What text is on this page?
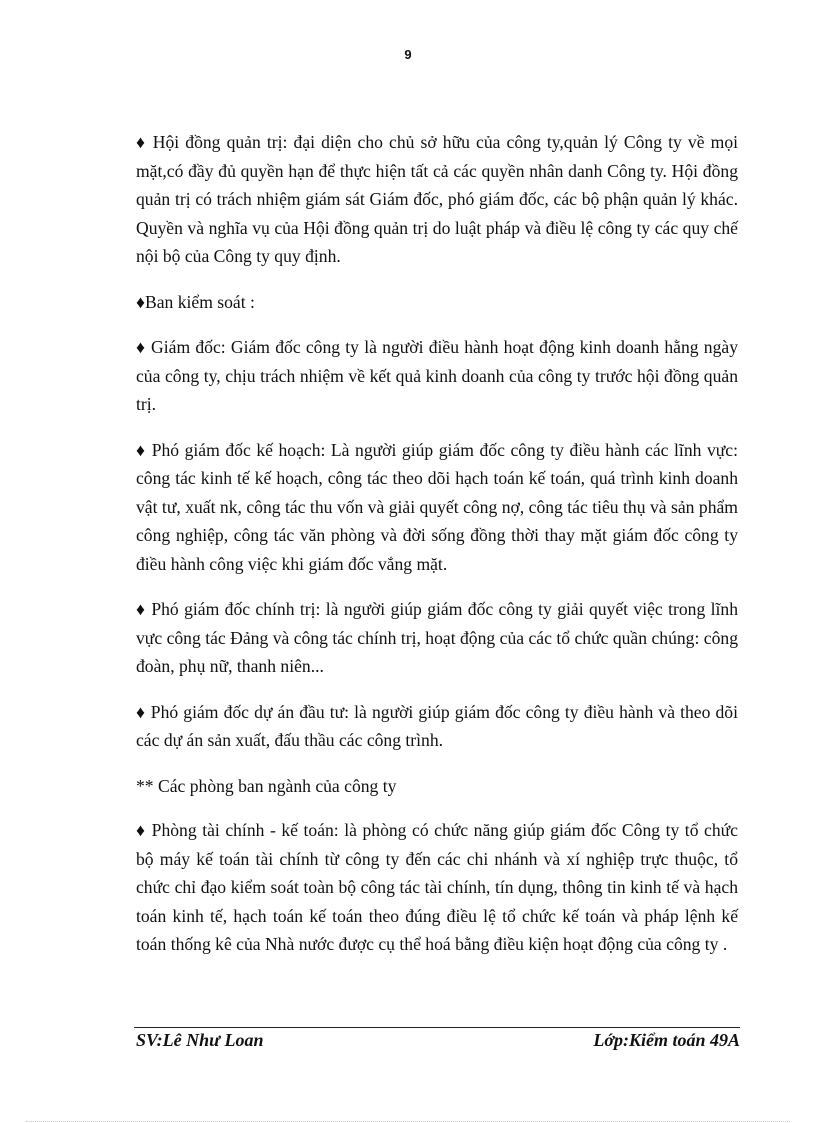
9

♦ Hội đồng quản trị: đại diện cho chủ sở hữu của công ty,quản lý Công ty về mọi mặt,có đầy đủ quyền hạn để thực hiện tất cả các quyền nhân danh Công ty. Hội đồng quản trị có trách nhiệm giám sát Giám đốc, phó giám đốc, các bộ phận quản lý khác. Quyền và nghĩa vụ của Hội đồng quản trị do luật pháp và điều lệ công ty các quy chế nội bộ của Công ty quy định.

♦Ban kiểm soát :

♦ Giám đốc: Giám đốc công ty là người điều hành hoạt động kinh doanh hằng ngày của công ty, chịu trách nhiệm về kết quả kinh doanh của công ty trước hội đồng quản trị.

♦ Phó giám đốc kế hoạch: Là người giúp giám đốc công ty điều hành các lĩnh vực: công tác kinh tế kế hoạch, công tác theo dõi hạch toán kế toán, quá trình kinh doanh vật tư, xuất nk, công tác thu vốn và giải quyết công nợ, công tác tiêu thụ và sản phẩm công nghiệp, công tác văn phòng và đời sống đồng thời thay mặt giám đốc công ty điều hành công việc khi giám đốc vắng mặt.

♦ Phó giám đốc chính trị: là người giúp giám đốc công ty giải quyết việc trong lĩnh vực công tác Đảng và công tác chính trị, hoạt động của các tổ chức quần chúng: công đoàn, phụ nữ, thanh niên...

♦ Phó giám đốc dự án đầu tư: là người giúp giám đốc công ty điều hành và theo dõi các dự án sản xuất, đấu thầu các công trình.

** Các phòng ban ngành của công ty

♦ Phòng tài chính - kế toán: là phòng có chức năng giúp giám đốc Công ty tổ chức bộ máy kế toán tài chính từ công ty đến các chi nhánh và xí nghiệp trực thuộc, tổ chức chỉ đạo kiểm soát toàn bộ công tác tài chính, tín dụng, thông tin kinh tế và hạch toán kinh tế, hạch toán kế toán theo đúng điều lệ tổ chức kế toán và pháp lệnh kế toán thống kê của Nhà nước được cụ thể hoá bằng điều kiện hoạt động của công ty .

SV:Lê Như Loan	Lớp:Kiểm toán 49A
